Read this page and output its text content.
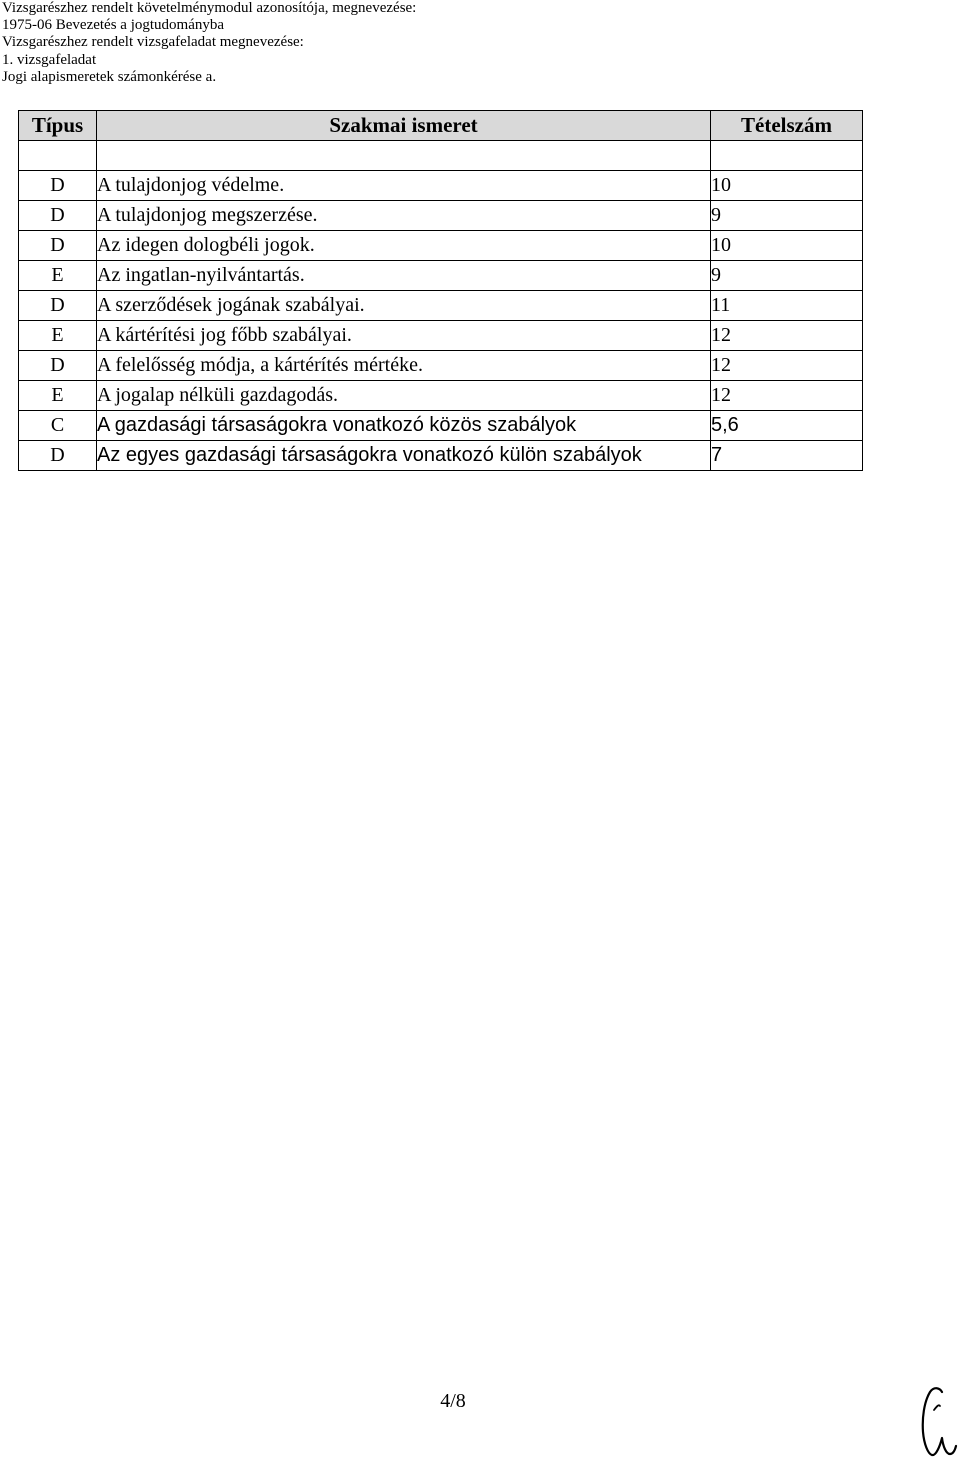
Vizsgarészhez rendelt követelménymodul azonosítója, megnevezése:
1975-06 Bevezetés a jogtudományba
Vizsgarészhez rendelt vizsgafeladat megnevezése:
1. vizsgafeladat
Jogi alapismeretek számonkérése a.
Típus	Szakmai ismeret	Tételszám

D	A tulajdonjog védelme.	10
D	A tulajdonjog megszerzése.	9
D	Az idegen dologbéli jogok.	10
E	Az ingatlan-nyilvántartás.	9
D	A szerződések jogának szabályai.	11
E	A kártérítési jog főbb szabályai.	12
D	A felelősség módja, a kártérítés mértéke.	12
E	A jogalap nélküli gazdagodás.	12
C	A gazdasági társaságokra vonatkozó közös szabályok	5,6
D	Az egyes gazdasági társaságokra vonatkozó külön szabályok	7
4/8
